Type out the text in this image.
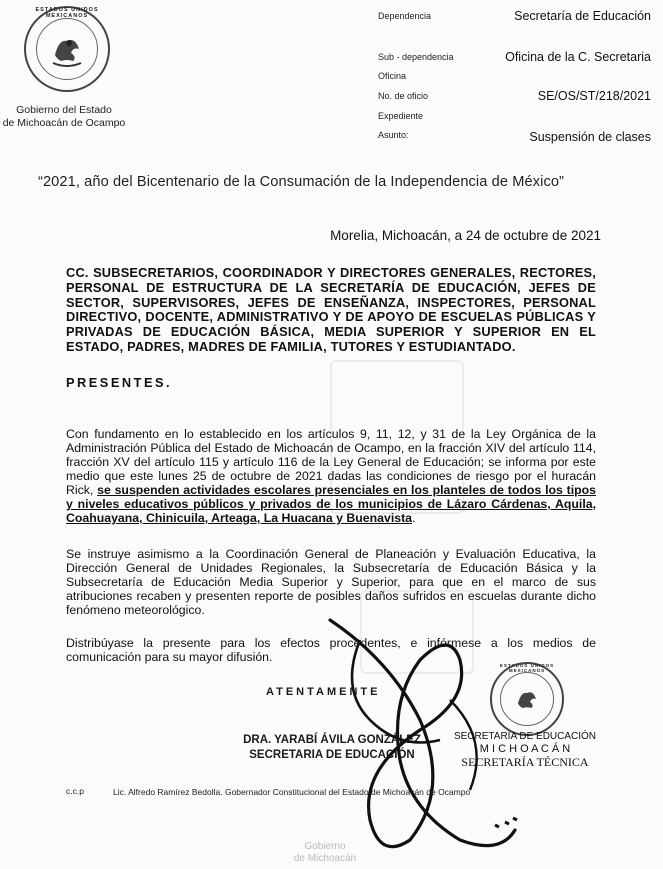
ESTADOS UNIDOS MEXICANOS
Gobierno del Estado
de Michoacán de Ocampo
Dependencia	Secretaría de Educación
Sub - dependencia	Oficina de la C. Secretaria
Oficina
No. de oficio	SE/OS/ST/218/2021
Expediente
Asunto:	Suspensión de clases
“2021, año del Bicentenario de la Consumación de la Independencia de México”
Morelia, Michoacán, a 24 de octubre de 2021
CC. SUBSECRETARIOS, COORDINADOR Y DIRECTORES GENERALES, RECTORES, PERSONAL DE ESTRUCTURA DE LA SECRETARÍA DE EDUCACIÓN, JEFES DE SECTOR, SUPERVISORES, JEFES DE ENSEÑANZA, INSPECTORES, PERSONAL DIRECTIVO, DOCENTE, ADMINISTRATIVO Y DE APOYO DE ESCUELAS PÚBLICAS Y PRIVADAS DE EDUCACIÓN BÁSICA, MEDIA SUPERIOR Y SUPERIOR EN EL ESTADO, PADRES, MADRES DE FAMILIA, TUTORES Y ESTUDIANTADO.
PRESENTES.
Con fundamento en lo establecido en los artículos 9, 11, 12, y 31 de la Ley Orgánica de la Administración Pública del Estado de Michoacán de Ocampo, en la fracción XIV del artículo 114, fracción XV del artículo 115 y artículo 116 de la Ley General de Educación; se informa por este medio que este lunes 25 de octubre de 2021 dadas las condiciones de riesgo por el huracán Rick, se suspenden actividades escolares presenciales en los planteles de todos los tipos y niveles educativos públicos y privados de los municipios de Lázaro Cárdenas, Aquila, Coahuayana, Chinicuila, Arteaga, La Huacana y Buenavista.
Se instruye asimismo a la Coordinación General de Planeación y Evaluación Educativa, la Dirección General de Unidades Regionales, la Subsecretaría de Educación Básica y la Subsecretaría de Educación Media Superior y Superior, para que en el marco de sus atribuciones recaben y presenten reporte de posibles daños sufridos en escuelas durante dicho fenómeno meteorológico.
Distribúyase la presente para los efectos procedentes, e infórmese a los medios de comunicación para su mayor difusión.
ATENTAMENTE
DRA. YARABÍ ÁVILA GONZÁLEZ
SECRETARIA DE EDUCACIÓN
ESTADOS UNIDOS MEXICANOS
SECRETARÍA DE EDUCACIÓN
M I C H O A C Á N
SECRETARÍA TÉCNICA
c.c.p	Lic. Alfredo Ramírez Bedolla. Gobernador Constitucional del Estado de Michoacán de Ocampo
Gobierno
de Michoacán
